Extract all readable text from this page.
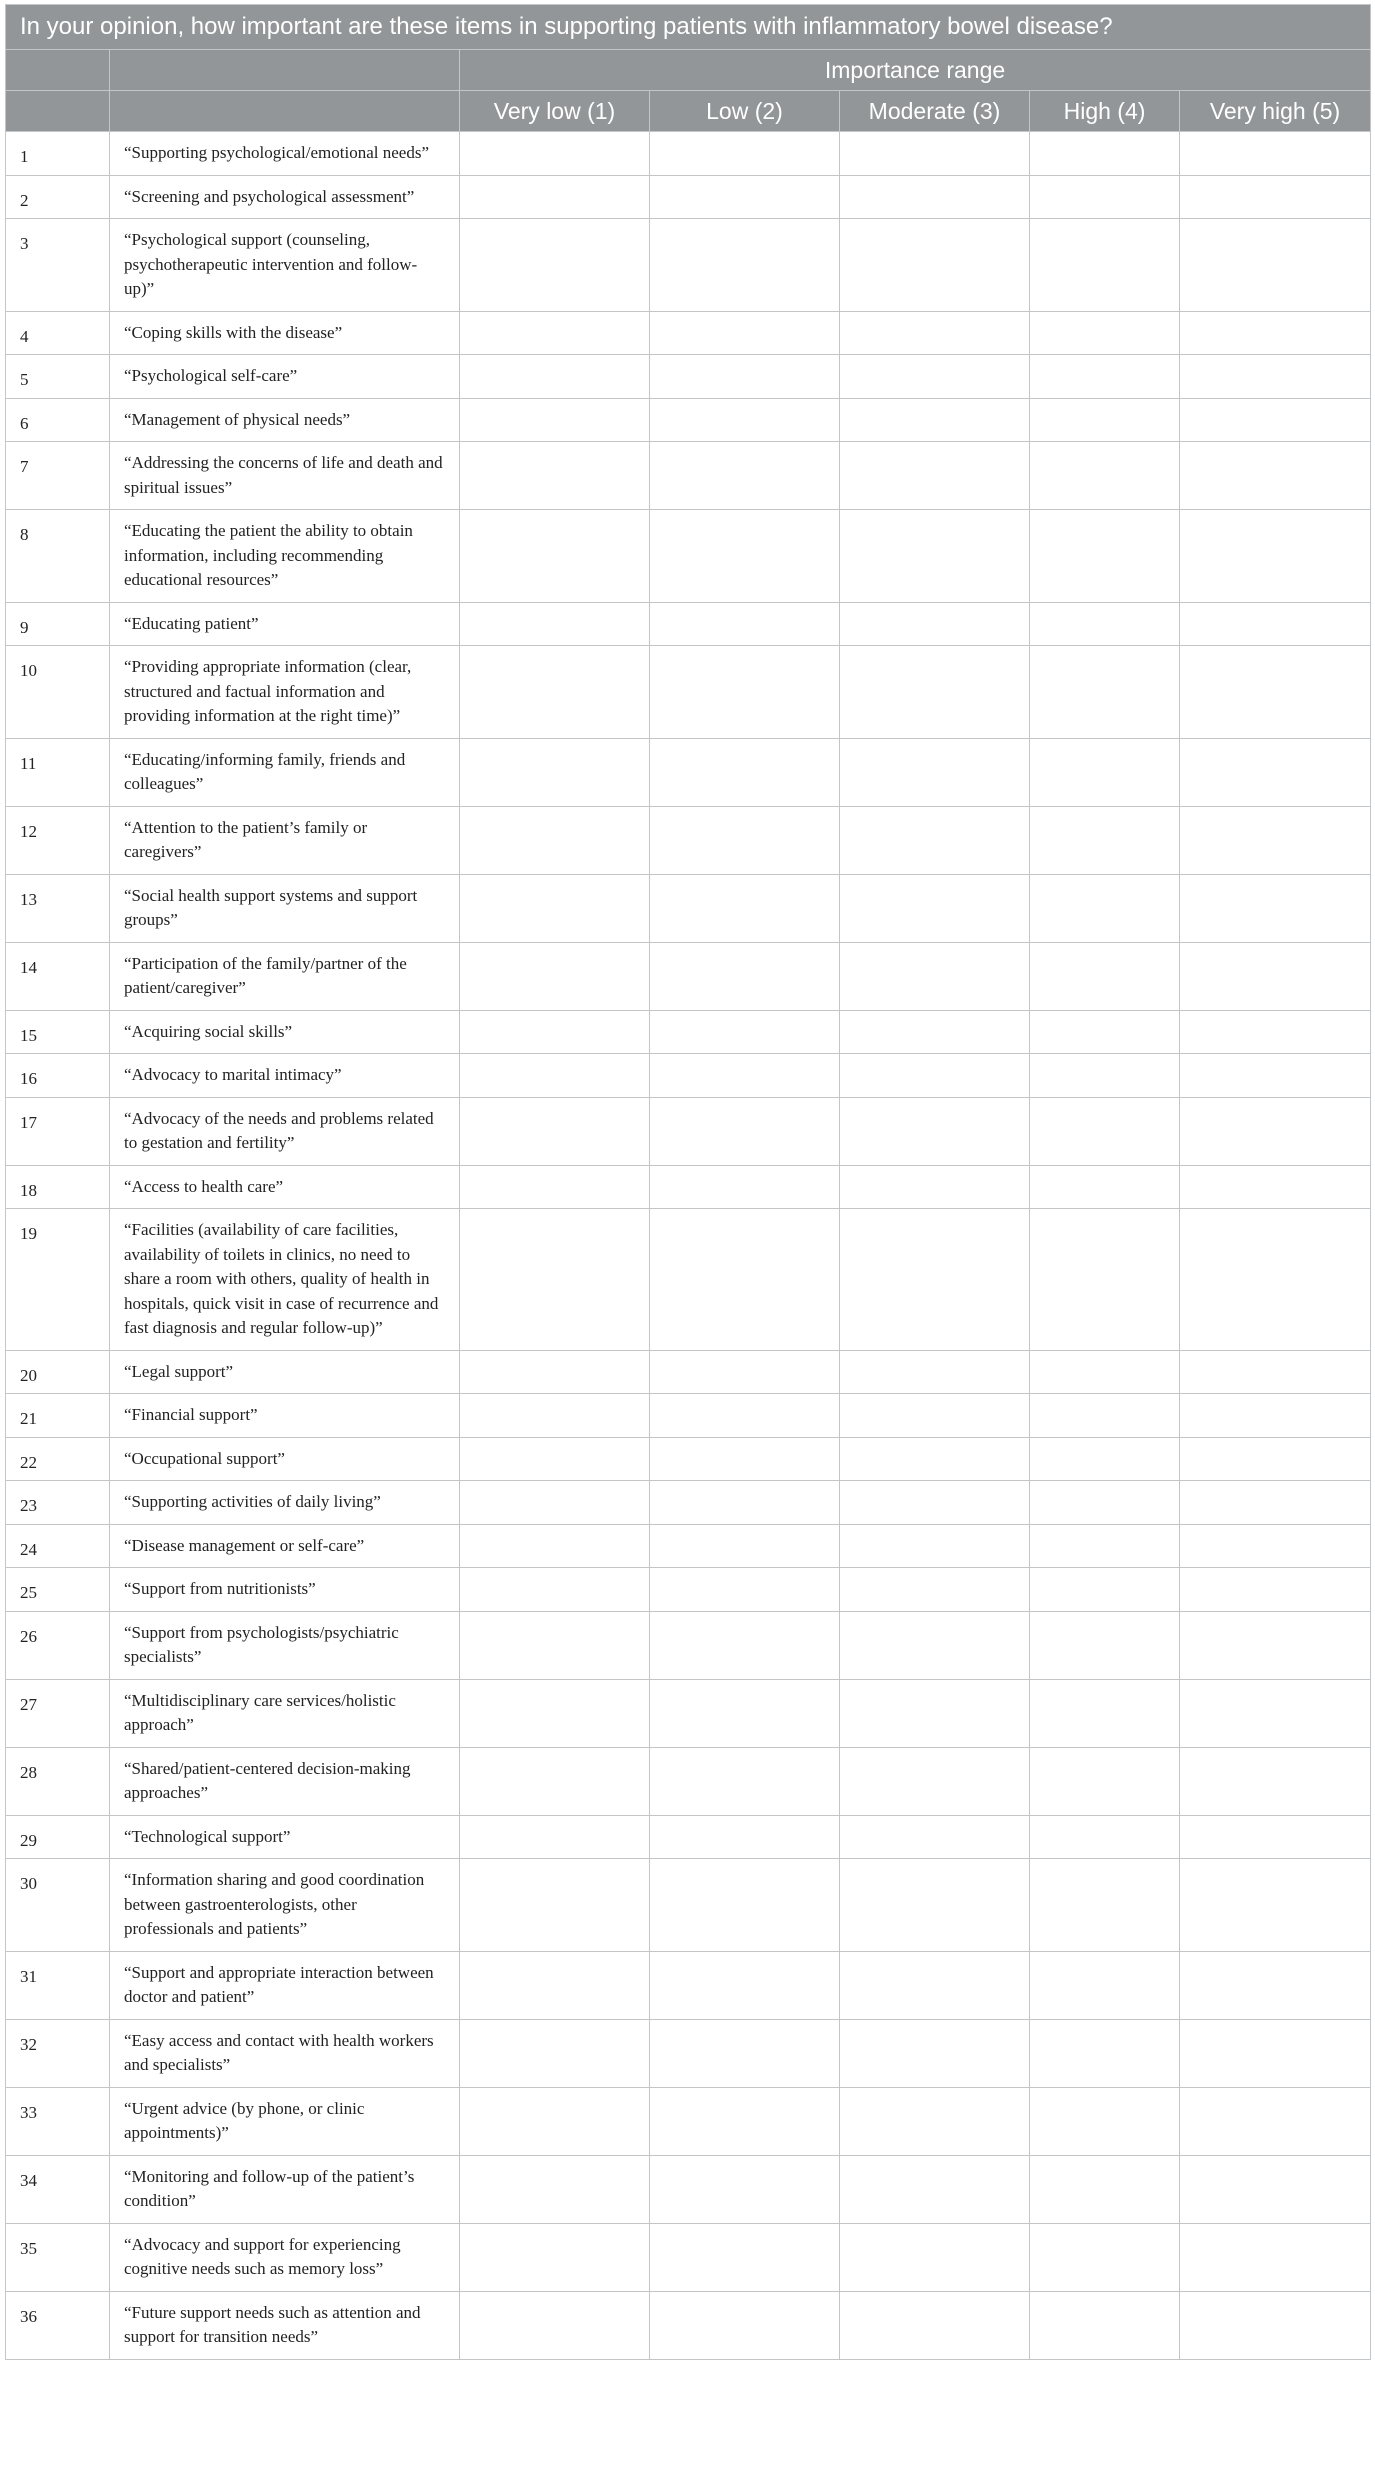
In your opinion, how important are these items in supporting patients with inflammatory bowel disease?						
		Importance range				
		Very low (1)	Low (2)	Moderate (3)	High (4)	Very high (5)
1	“Supporting psychological/emotional needs”					
2	“Screening and psychological assessment”					
3	“Psychological support (counseling, psychotherapeutic intervention and follow-up)”					
4	“Coping skills with the disease”					
5	“Psychological self-care”					
6	“Management of physical needs”					
7	“Addressing the concerns of life and death and spiritual issues”					
8	“Educating the patient the ability to obtain information, including recommending educational resources”					
9	“Educating patient”					
10	“Providing appropriate information (clear, structured and factual information and providing information at the right time)”					
11	“Educating/informing family, friends and colleagues”					
12	“Attention to the patient’s family or caregivers”					
13	“Social health support systems and support groups”					
14	“Participation of the family/partner of the patient/caregiver”					
15	“Acquiring social skills”					
16	“Advocacy to marital intimacy”					
17	“Advocacy of the needs and problems related to gestation and fertility”					
18	“Access to health care”					
19	“Facilities (availability of care facilities, availability of toilets in clinics, no need to share a room with others, quality of health in hospitals, quick visit in case of recurrence and fast diagnosis and regular follow-up)”					
20	“Legal support”					
21	“Financial support”					
22	“Occupational support”					
23	“Supporting activities of daily living”					
24	“Disease management or self-care”					
25	“Support from nutritionists”					
26	“Support from psychologists/psychiatric specialists”					
27	“Multidisciplinary care services/holistic approach”					
28	“Shared/patient-centered decision-making approaches”					
29	“Technological support”					
30	“Information sharing and good coordination between gastroenterologists, other professionals and patients”					
31	“Support and appropriate interaction between doctor and patient”					
32	“Easy access and contact with health workers and specialists”					
33	“Urgent advice (by phone, or clinic appointments)”					
34	“Monitoring and follow-up of the patient’s condition”					
35	“Advocacy and support for experiencing cognitive needs such as memory loss”					
36	“Future support needs such as attention and support for transition needs”					
